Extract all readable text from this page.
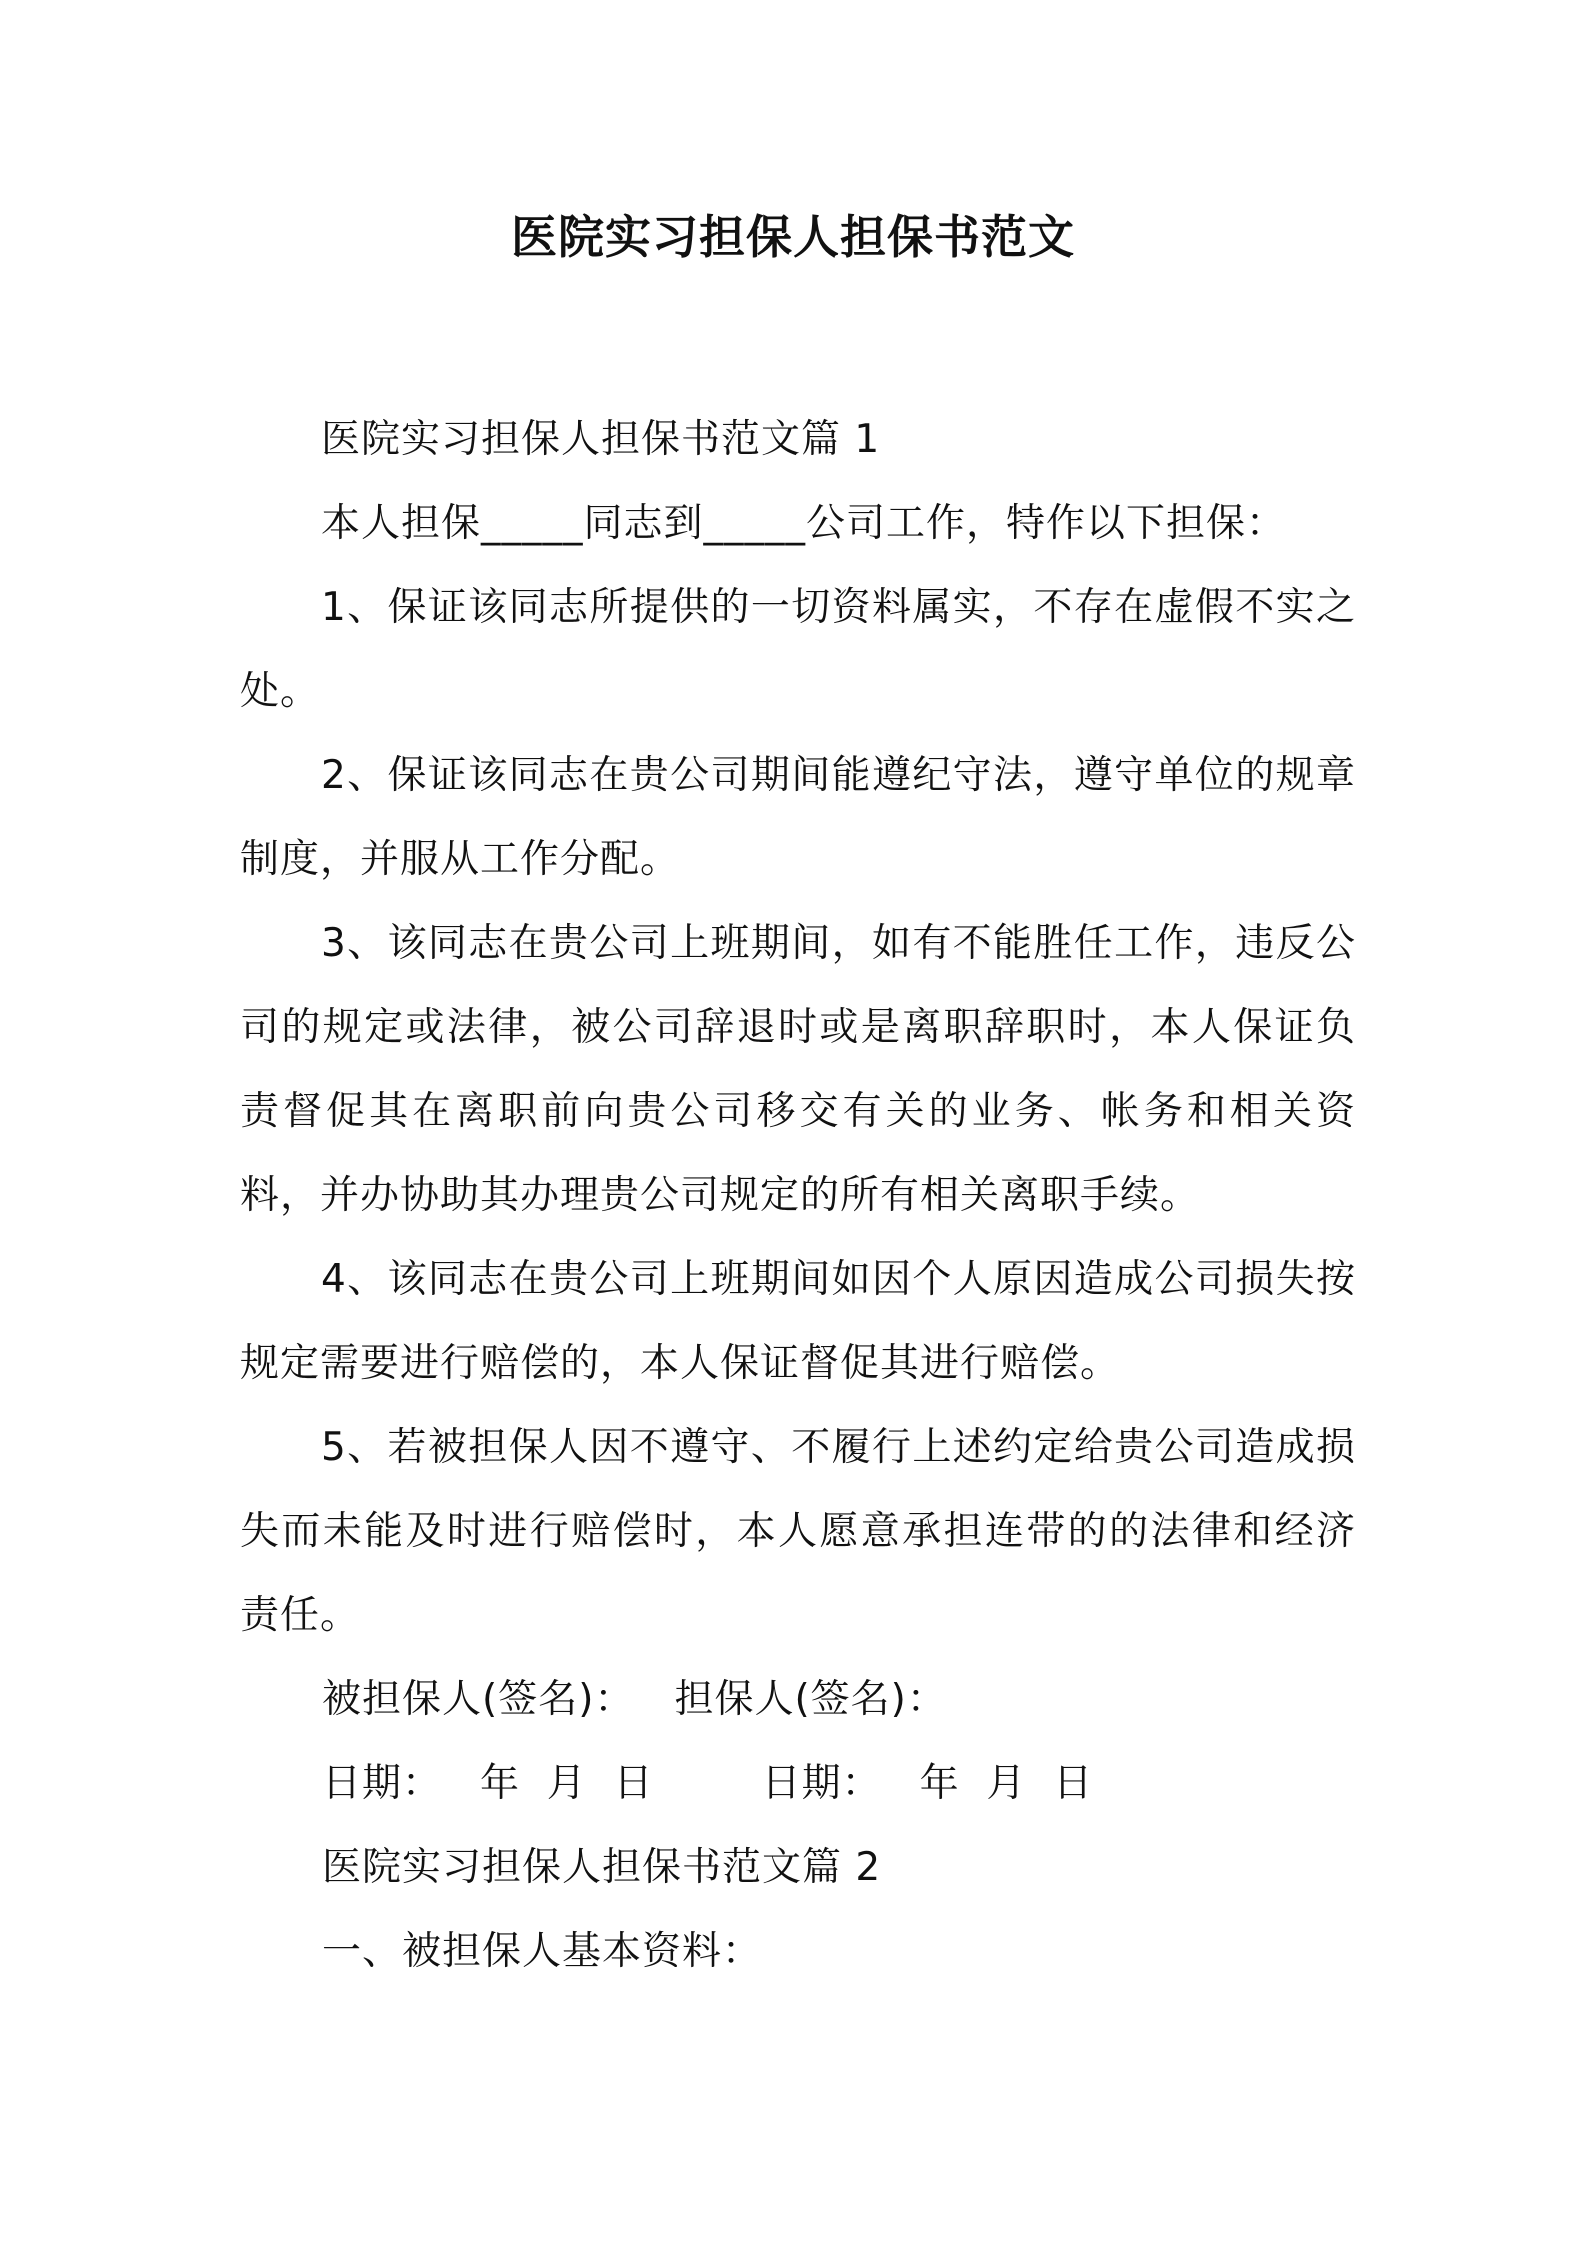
医院实习担保人担保书范文

医院实习担保人担保书范文篇 1

本人担保_____同志到_____公司工作，特作以下担保：

1、保证该同志所提供的一切资料属实，不存在虚假不实之处。

2、保证该同志在贵公司期间能遵纪守法，遵守单位的规章制度，并服从工作分配。

3、该同志在贵公司上班期间，如有不能胜任工作，违反公司的规定或法律，被公司辞退时或是离职辞职时，本人保证负责督促其在离职前向贵公司移交有关的业务、帐务和相关资料，并办协助其办理贵公司规定的所有相关离职手续。

4、该同志在贵公司上班期间如因个人原因造成公司损失按规定需要进行赔偿的，本人保证督促其进行赔偿。

5、若被担保人因不遵守、不履行上述约定给贵公司造成损失而未能及时进行赔偿时，本人愿意承担连带的的法律和经济责任。

被担保人(签名)： 担保人(签名)：
日期： 年  月  日	日期： 年  月  日
医院实习担保人担保书范文篇 2
一、被担保人基本资料：
